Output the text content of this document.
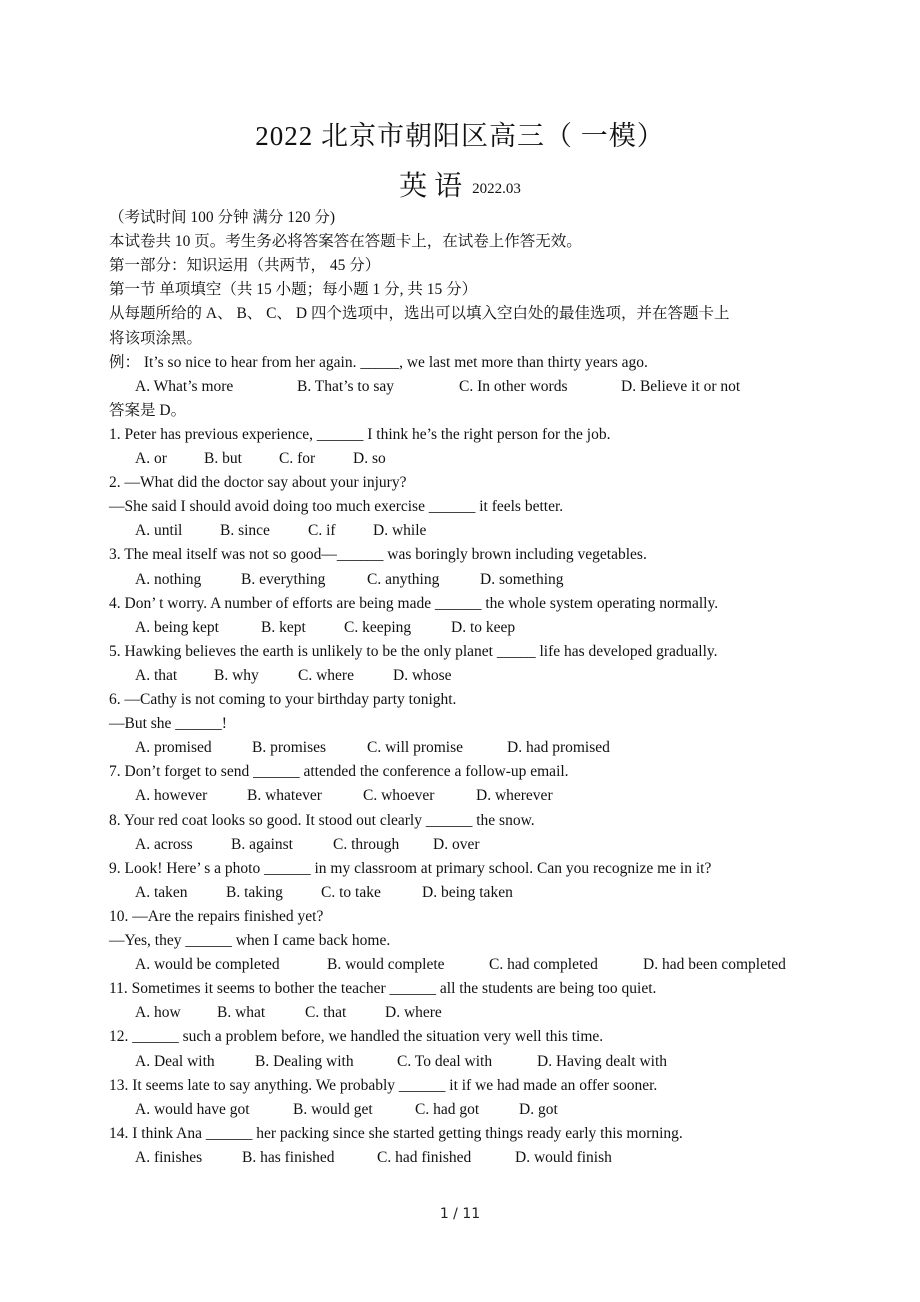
2022 北京市朝阳区高三（ 一模）
英 语 2022.03
（考试时间 100 分钟 满分 120 分)
本试卷共 10 页。考生务必将答案答在答题卡上，在试卷上作答无效。
第一部分：知识运用（共两节， 45 分）
第一节 单项填空（共 15 小题；每小题 1 分, 共 15 分）
从每题所给的 A、 B、 C、 D 四个选项中，选出可以填入空白处的最佳选项，并在答题卡上
将该项涂黑。
例： It’s so nice to hear from her again. _____, we last met more than thirty years ago.
A. What’s more	B. That’s to say	C. In other words	D. Believe it or not
答案是 D。
1. Peter has previous experience, ______ I think he’s the right person for the job.
A. or B. but C. for D. so
2. —What did the doctor say about your injury?
—She said I should avoid doing too much exercise ______ it feels better.
A. until B. since C. if D. while
3. The meal itself was not so good—______ was boringly brown including vegetables.
A. nothing	B. everything	C. anything	D. something
4. Don’ t worry. A number of efforts are being made ______ the whole system operating normally.
A. being kept	B. kept C. keeping	D. to keep
5. Hawking believes the earth is unlikely to be the only planet _____ life has developed gradually.
A. that B. why	C. where	D. whose
6. —Cathy is not coming to your birthday party tonight.
—But she ______!
A. promised	B. promises	C. will promise	D. had promised
7. Don’t forget to send ______ attended the conference a follow-up email.
A. however	B. whatever	C. whoever	D. wherever
8. Your red coat looks so good. It stood out clearly ______ the snow.
A. across B. against	C. through D. over
9. Look! Here’ s a photo ______ in my classroom at primary school. Can you recognize me in it?
A. taken B. taking C. to take	D. being taken
10. —Are the repairs finished yet?
—Yes, they ______ when I came back home.
A. would be completed	B. would complete	C. had completed	D. had been completed
11. Sometimes it seems to bother the teacher ______ all the students are being too quiet.
A. how B. what	C. that D. where
12. ______ such a problem before, we handled the situation very well this time.
A. Deal with	B. Dealing with	C. To deal with	D. Having dealt with
13. It seems late to say anything. We probably ______ it if we had made an offer sooner.
A. would have got	B. would get	C. had got	D. got
14. I think Ana ______ her packing since she started getting things ready early this morning.
A. finishes	B. has finished	C. had finished	D. would finish
1 / 11
